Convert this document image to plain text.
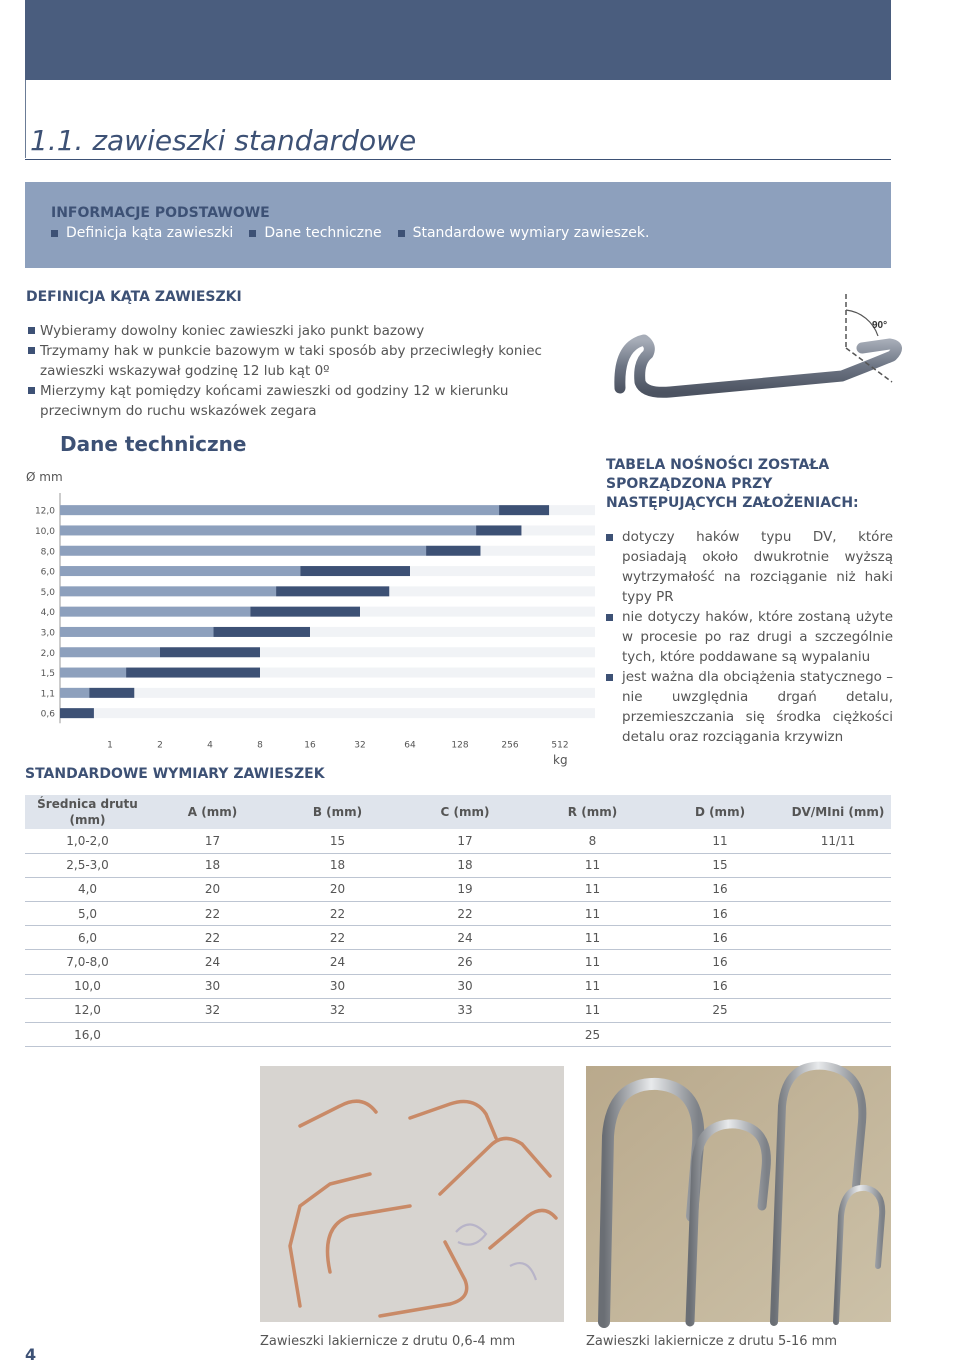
1.1. zawieszki standardowe
INFORMACJE PODSTAWOWE
Definicja kąta zawieszki Dane techniczne Standardowe wymiary zawieszek.
DEFINICJA KĄTA ZAWIESZKI
Wybieramy dowolny koniec zawieszki jako punkt bazowy
Trzymamy hak w punkcie bazowym w taki sposób aby przeciwległy koniec zawieszki wskazywał godzinę 12 lub kąt 0º
Mierzymy kąt pomiędzy końcami zawieszki od godziny 12 w kierunku przeciwnym do ruchu wskazówek zegara
90°
Dane techniczne
Ø mm
12,0
10,0
8,0
6,0
5,0
4,0
3,0
2,0
1,5
1,1
0,6
1	2	4	8	16	32	64	128	256	512
kg
TABELA NOŚNOŚCI ZOSTAŁA SPORZĄDZONA PRZY NASTĘPUJĄCYCH ZAŁOŻENIACH:
dotyczy haków typu DV, które posiadają około dwukrotnie wyższą wytrzymałość na rozciąganie niż haki typy PR
nie dotyczy haków, które zostaną użyte w procesie po raz drugi a szczególnie tych, które poddawane są wypalaniu
jest ważna dla obciążenia statycznego – nie uwzględnia drgań detalu, przemieszczania się środka ciężkości detalu oraz rozciągania krzywizn
STANDARDOWE WYMIARY ZAWIESZEK
Średnica drutu (mm)	A (mm)	B (mm)	C (mm)	R (mm)	D (mm)	DV/MIni (mm)
1,0-2,0	17	15	17	8	11	11/11
2,5-3,0	18	18	18	11	15	
4,0	20	20	19	11	16	
5,0	22	22	22	11	16	
6,0	22	22	24	11	16	
7,0-8,0	24	24	26	11	16	
10,0	30	30	30	11	16	
12,0	32	32	33	11	25	
16,0				25		
Zawieszki lakiernicze z drutu 0,6-4 mm	Zawieszki lakiernicze z drutu 5-16 mm
4
